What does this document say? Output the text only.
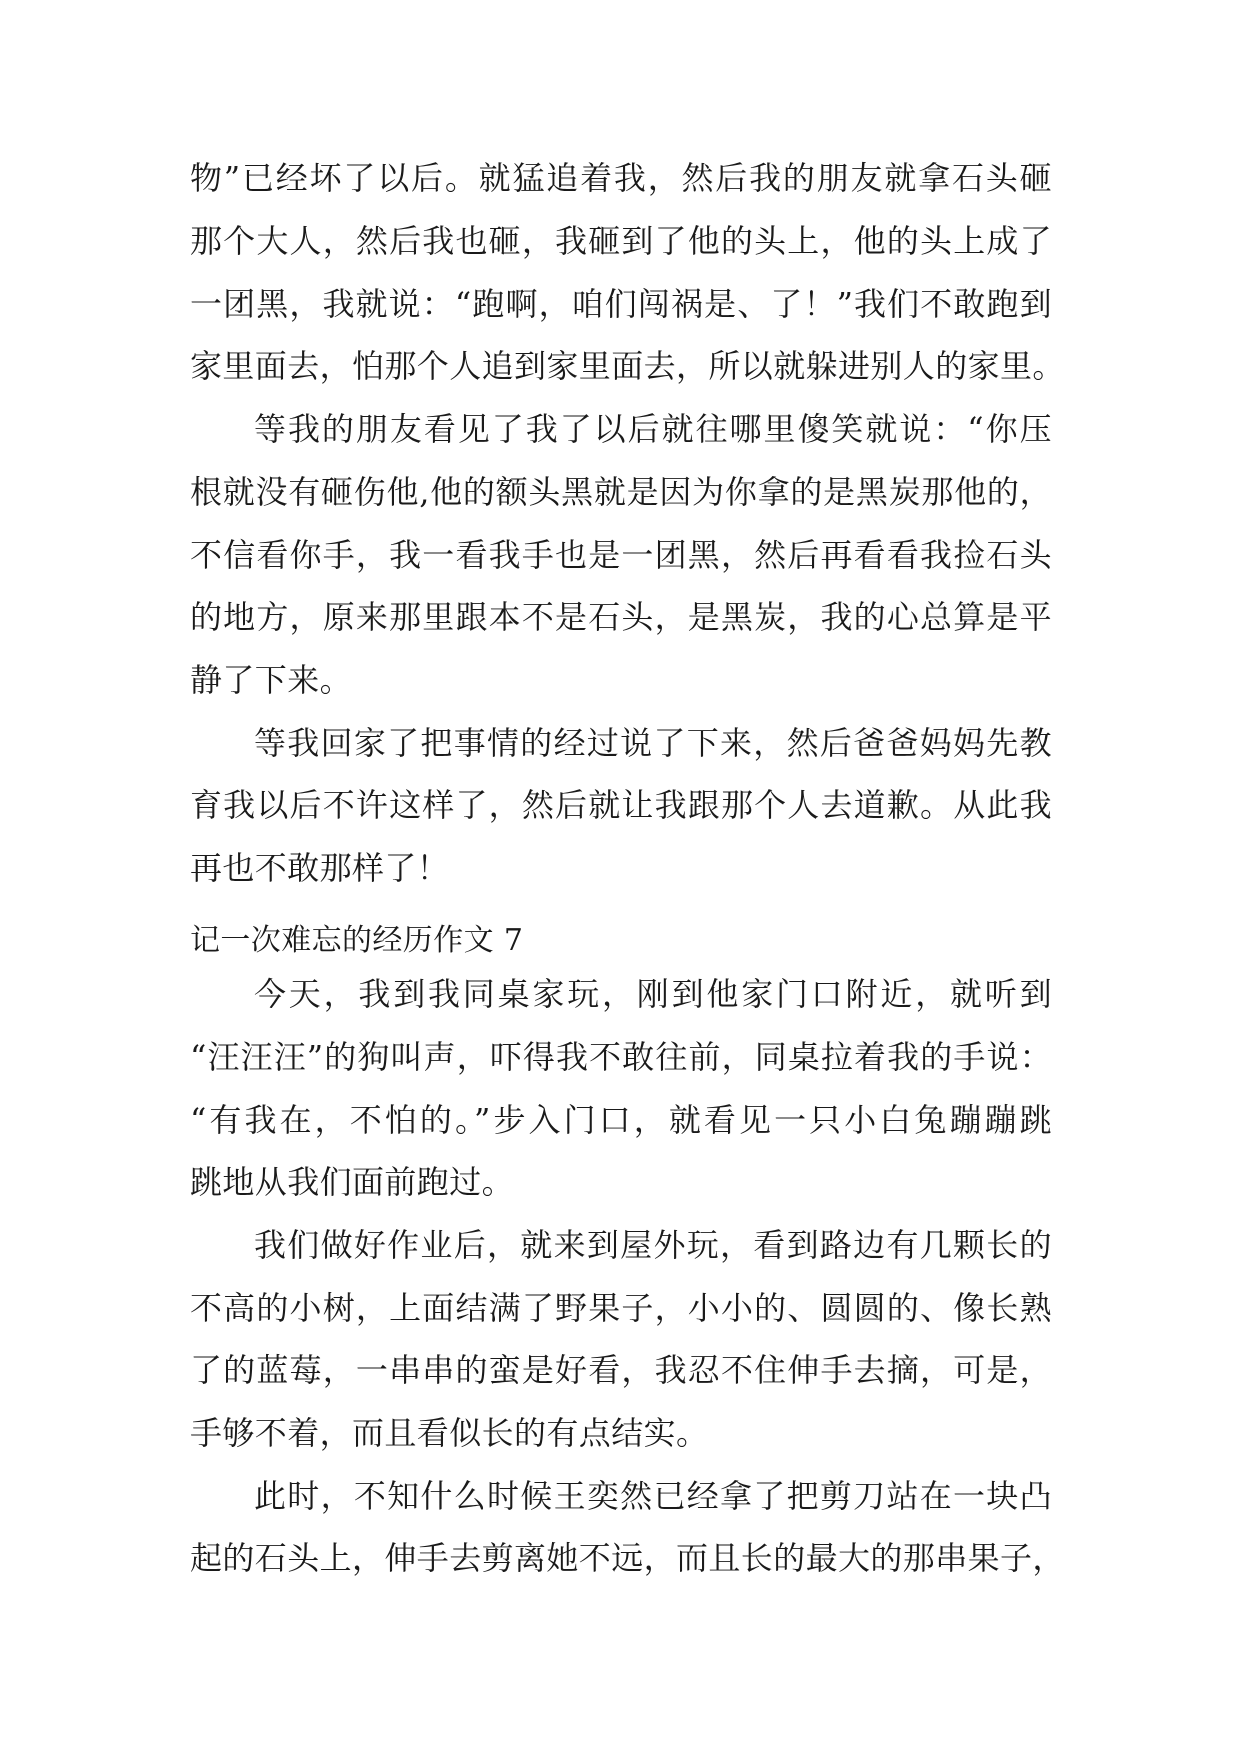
物”已经坏了以后。就猛追着我，然后我的朋友就拿石头砸
那个大人，然后我也砸，我砸到了他的头上，他的头上成了
一团黑，我就说：“跑啊，咱们闯祸是、了！”我们不敢跑到
家里面去，怕那个人追到家里面去，所以就躲进别人的家里。
等我的朋友看见了我了以后就往哪里傻笑就说：“你压
根就没有砸伤他,他的额头黑就是因为你拿的是黑炭那他的，
不信看你手，我一看我手也是一团黑，然后再看看我捡石头
的地方，原来那里跟本不是石头，是黑炭，我的心总算是平
静了下来。
等我回家了把事情的经过说了下来，然后爸爸妈妈先教
育我以后不许这样了，然后就让我跟那个人去道歉。从此我
再也不敢那样了！
记一次难忘的经历作文 7
今天，我到我同桌家玩，刚到他家门口附近，就听到
“汪汪汪”的狗叫声，吓得我不敢往前，同桌拉着我的手说：
“有我在，不怕的。”步入门口，就看见一只小白兔蹦蹦跳
跳地从我们面前跑过。
我们做好作业后，就来到屋外玩，看到路边有几颗长的
不高的小树，上面结满了野果子，小小的、圆圆的、像长熟
了的蓝莓，一串串的蛮是好看，我忍不住伸手去摘，可是，
手够不着，而且看似长的有点结实。
此时，不知什么时候王奕然已经拿了把剪刀站在一块凸
起的石头上，伸手去剪离她不远，而且长的最大的那串果子，
